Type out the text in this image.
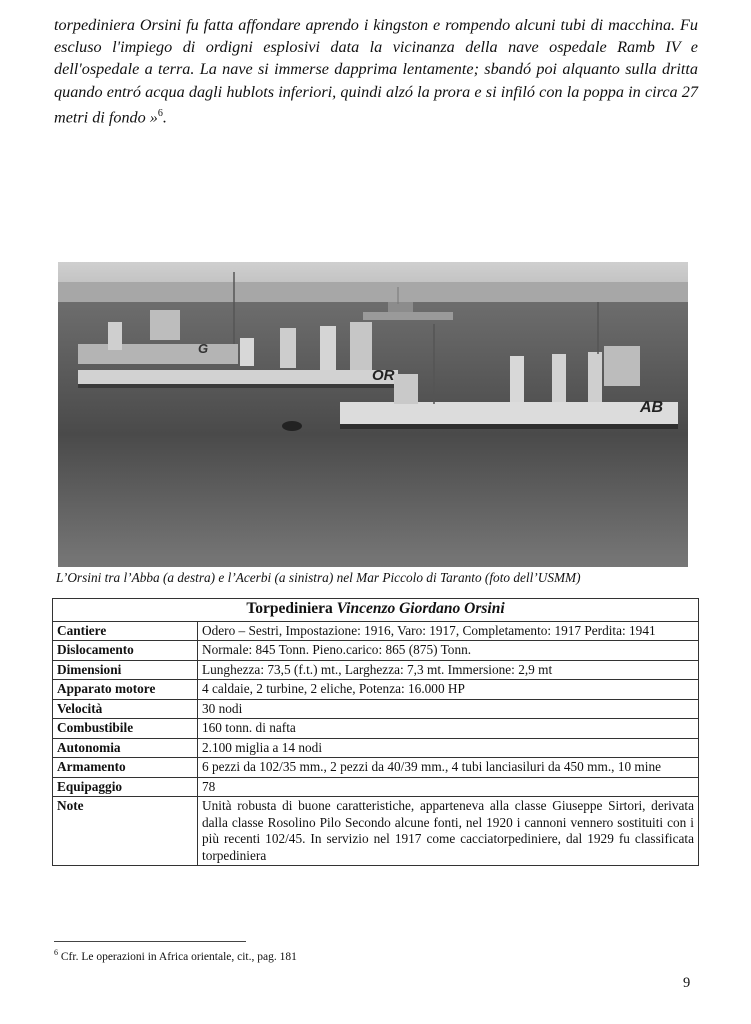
torpediniera Orsini fu fatta affondare aprendo i kingston e rompendo alcuni tubi di macchina. Fu escluso l'impiego di ordigni esplosivi data la vicinanza della nave ospedale Ramb IV e dell'ospedale a terra. La nave si immerse dapprima lentamente; sbandó poi alquanto sulla dritta quando entró acqua dagli hublots inferiori, quindi alzó la prora e si infiló con la poppa in circa 27 metri di fondo »$^6$.

G
OR
AB
L’Orsini tra l’Abba (a destra) e l’Acerbi (a sinistra) nel Mar Piccolo di Taranto (foto dell’USMM)
Torpediniera Vincenzo Giordano Orsini	
Cantiere	Odero – Sestri, Impostazione: 1916, Varo: 1917, Completamento: 1917 Perdita: 1941
Dislocamento	Normale: 845 Tonn. Pieno.carico: 865 (875) Tonn.
Dimensioni	Lunghezza: 73,5 (f.t.) mt., Larghezza: 7,3 mt. Immersione: 2,9 mt
Apparato motore	4 caldaie, 2 turbine, 2 eliche, Potenza: 16.000 HP
Velocità	30 nodi
Combustibile	160 tonn. di nafta
Autonomia	2.100 miglia a 14 nodi
Armamento	6 pezzi da 102/35 mm., 2 pezzi da 40/39 mm., 4 tubi lanciasiluri da 450 mm., 10 mine
Equipaggio	78
Note	Unità robusta di buone caratteristiche, apparteneva alla classe Giuseppe Sirtori, derivata dalla classe Rosolino Pilo Secondo alcune fonti, nel 1920 i cannoni vennero sostituiti con i più recenti 102/45. In servizio nel 1917 come cacciatorpediniere, dal 1929 fu classificata torpediniera
$^6$ Cfr. Le operazioni in Africa orientale, cit., pag. 181
9
